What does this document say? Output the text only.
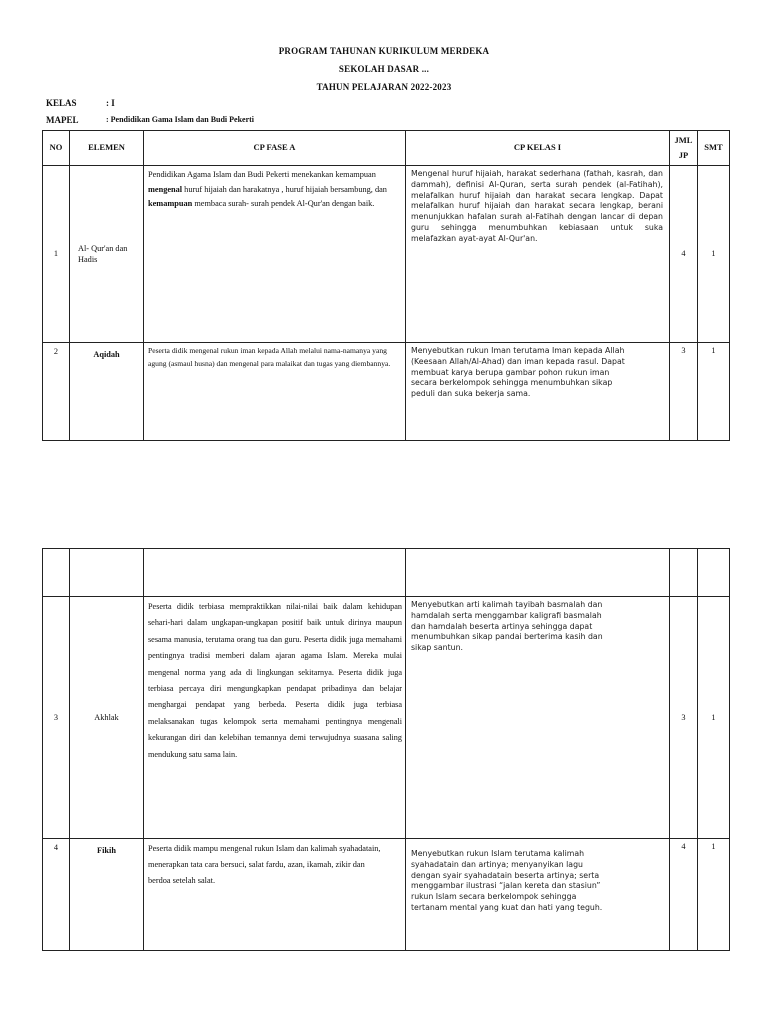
PROGRAM TAHUNAN KURIKULUM MERDEKA
SEKOLAH DASAR ...
TAHUN PELAJARAN 2022-2023
KELAS	: I
MAPEL	: Pendidikan Gama Islam dan Budi Pekerti
NO	ELEMEN	CP FASE A	CP KELAS I	JML JP	SMT
1	Al- Qur'an dan Hadis	Pendidikan Agama Islam dan Budi Pekerti menekankan kemampuan mengenal huruf hijaiah dan harakatnya , huruf hijaiah bersambung, dan kemampuan membaca surah- surah pendek Al-Qur'an dengan baik.	Mengenal huruf hijaiah, harakat sederhana (fathah, kasrah, dan dammah), definisi Al-Quran, serta surah pendek (al-Fatihah), melafalkan huruf hijaiah dan harakat secara lengkap. Dapat melafalkan huruf hijaiah dan harakat secara lengkap, berani menunjukkan hafalan surah al-Fatihah dengan lancar di depan guru sehingga menumbuhkan kebiasaan untuk suka melafazkan ayat-ayat Al-Qur'an.	4	1
2	Aqidah	Peserta didik mengenal rukun iman kepada Allah melalui nama-namanya yang agung (asmaul husna) dan mengenal para malaikat dan tugas yang diembannya.	Menyebutkan rukun Iman terutama Iman kepada Allah (Keesaan Allah/Al-Ahad) dan iman kepada rasul. Dapat membuat karya berupa gambar pohon rukun iman secara berkelompok sehingga menumbuhkan sikap peduli dan suka bekerja sama.	3	1

3	Akhlak	Peserta didik terbiasa mempraktikkan nilai-nilai baik dalam kehidupan sehari-hari dalam ungkapan-ungkapan positif baik untuk dirinya maupun sesama manusia, terutama orang tua dan guru. Peserta didik juga memahami pentingnya tradisi memberi dalam ajaran agama Islam. Mereka mulai mengenal norma yang ada di lingkungan sekitarnya. Peserta didik juga terbiasa percaya diri mengungkapkan pendapat pribadinya dan belajar menghargai pendapat yang berbeda. Peserta didik juga terbiasa melaksanakan tugas kelompok serta memahami pentingnya mengenali kekurangan diri dan kelebihan temannya demi terwujudnya suasana saling mendukung satu sama lain.	Menyebutkan arti kalimah tayibah basmalah dan hamdalah serta menggambar kaligrafi basmalah dan hamdalah beserta artinya sehingga dapat menumbuhkan sikap pandai berterima kasih dan sikap santun.	3	1
4	Fikih	Peserta didik mampu mengenal rukun Islam dan kalimah syahadatain, menerapkan tata cara bersuci, salat fardu, azan, ikamah, zikir dan berdoa setelah salat.	Menyebutkan rukun Islam terutama kalimah syahadatain dan artinya; menyanyikan lagu dengan syair syahadatain beserta artinya; serta menggambar ilustrasi “jalan kereta dan stasiun” rukun Islam secara berkelompok sehingga tertanam mental yang kuat dan hati yang teguh.	4	1
